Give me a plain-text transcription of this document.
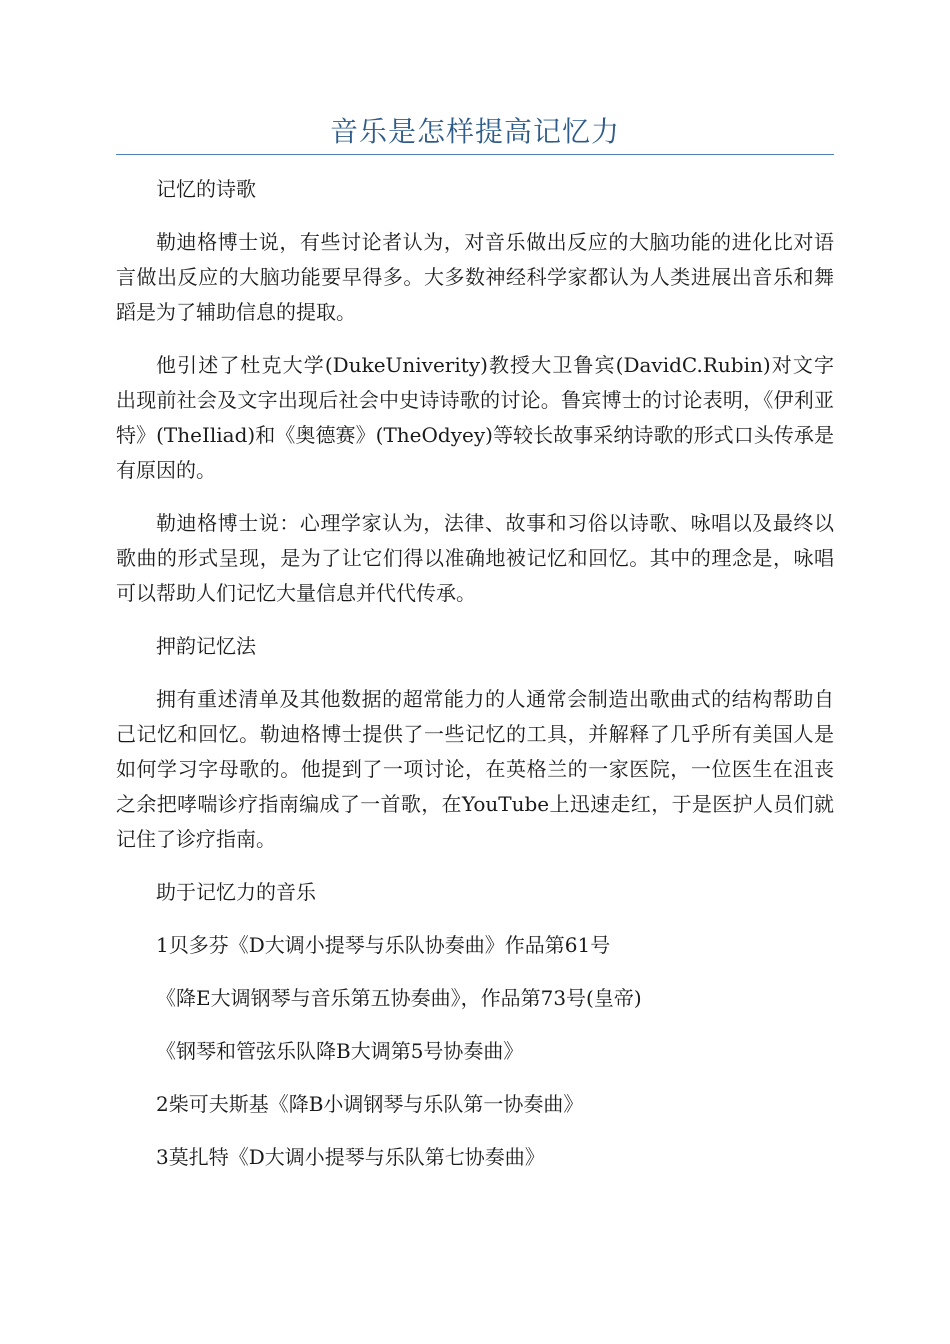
音乐是怎样提高记忆力

记忆的诗歌

勒迪格博士说，有些讨论者认为，对音乐做出反应的大脑功能的进化比对语言做出反应的大脑功能要早得多。大多数神经科学家都认为人类进展出音乐和舞蹈是为了辅助信息的提取。

他引述了杜克大学(DukeUniverity)教授大卫鲁宾(DavidC.Rubin)对文字出现前社会及文字出现后社会中史诗诗歌的讨论。鲁宾博士的讨论表明，《伊利亚特》(TheIliad)和《奥德赛》(TheOdyey)等较长故事采纳诗歌的形式口头传承是有原因的。

勒迪格博士说：心理学家认为，法律、故事和习俗以诗歌、咏唱以及最终以歌曲的形式呈现，是为了让它们得以准确地被记忆和回忆。其中的理念是，咏唱可以帮助人们记忆大量信息并代代传承。

押韵记忆法

拥有重述清单及其他数据的超常能力的人通常会制造出歌曲式的结构帮助自己记忆和回忆。勒迪格博士提供了一些记忆的工具，并解释了几乎所有美国人是如何学习字母歌的。他提到了一项讨论，在英格兰的一家医院，一位医生在沮丧之余把哮喘诊疗指南编成了一首歌，在YouTube上迅速走红，于是医护人员们就记住了诊疗指南。

助于记忆力的音乐

1贝多芬《D大调小提琴与乐队协奏曲》作品第61号

《降E大调钢琴与音乐第五协奏曲》，作品第73号(皇帝)

《钢琴和管弦乐队降B大调第5号协奏曲》

2柴可夫斯基《降B小调钢琴与乐队第一协奏曲》

3莫扎特《D大调小提琴与乐队第七协奏曲》
